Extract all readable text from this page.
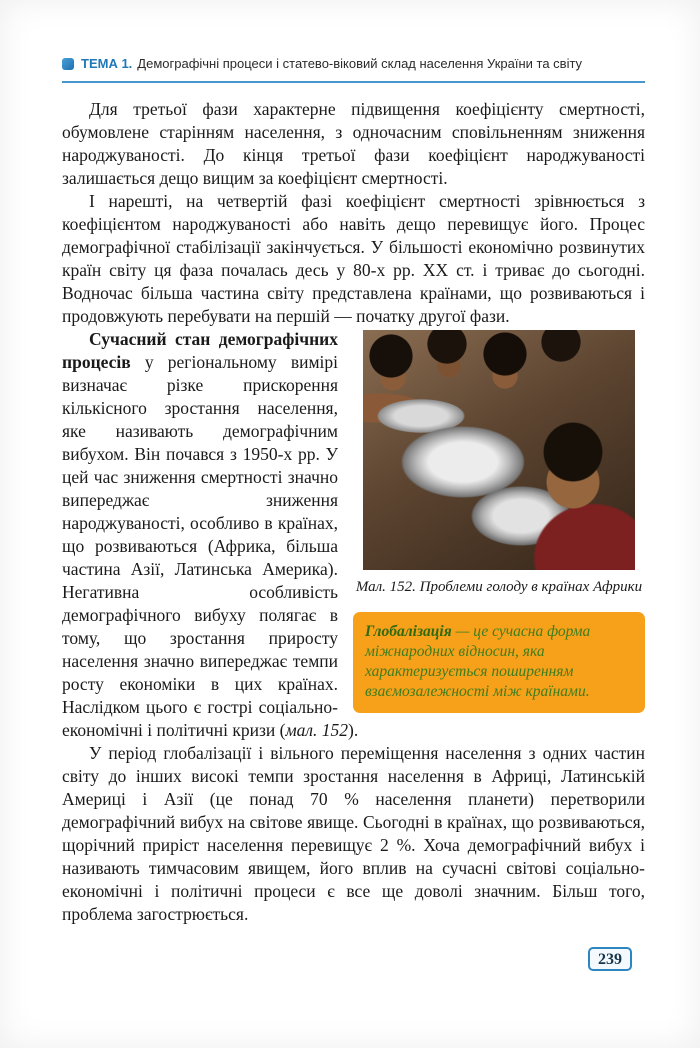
ТЕМА 1. Демографічні процеси і статево-віковий склад населення України та світу

Для третьої фази характерне підвищення коефіцієнту смертності, обумовлене старінням населення, з одночасним сповільненням зниження народжуваності. До кінця третьої фази коефіцієнт народжуваності залишається дещо вищим за коефіцієнт смертності.

І нарешті, на четвертій фазі коефіцієнт смертності зрівнюється з коефіцієнтом народжуваності або навіть дещо перевищує його. Процес демографічної стабілізації закінчується. У більшості економічно розвинутих країн світу ця фаза почалась десь у 80-х рр. ХХ ст. і триває до сьогодні. Водночас більша частина світу представлена країнами, що розвиваються і продовжують перебувати на першій — початку другої фази.

Мал. 152. Проблеми голоду в країнах Африки
Глобалізація — це сучасна форма міжнародних відносин, яка характеризується поширенням взаємозалежності між країнами.

Сучасний стан демографічних процесів у регіональному вимірі визначає різке прискорення кількісного зростання населення, яке називають демографічним вибухом. Він почався з 1950-х рр. У цей час зниження смертності значно випереджає зниження народжуваності, особливо в країнах, що розвиваються (Африка, більша частина Азії, Латинська Америка). Негативна особливість демографічного вибуху полягає в тому, що зростання приросту населення значно випереджає темпи росту економіки в цих країнах. Наслідком цього є гострі соціально-економічні і політичні кризи (мал. 152).

У період глобалізації і вільного переміщення населення з одних частин світу до інших високі темпи зростання населення в Африці, Латинській Америці і Азії (це понад 70 % населення планети) перетворили демографічний вибух на світове явище. Сьогодні в країнах, що розвиваються, щорічний приріст населення перевищує 2 %. Хоча демографічний вибух і називають тимчасовим явищем, його вплив на сучасні світові соціально-економічні і політичні процеси є все ще доволі значним. Більш того, проблема загострюється.

239
